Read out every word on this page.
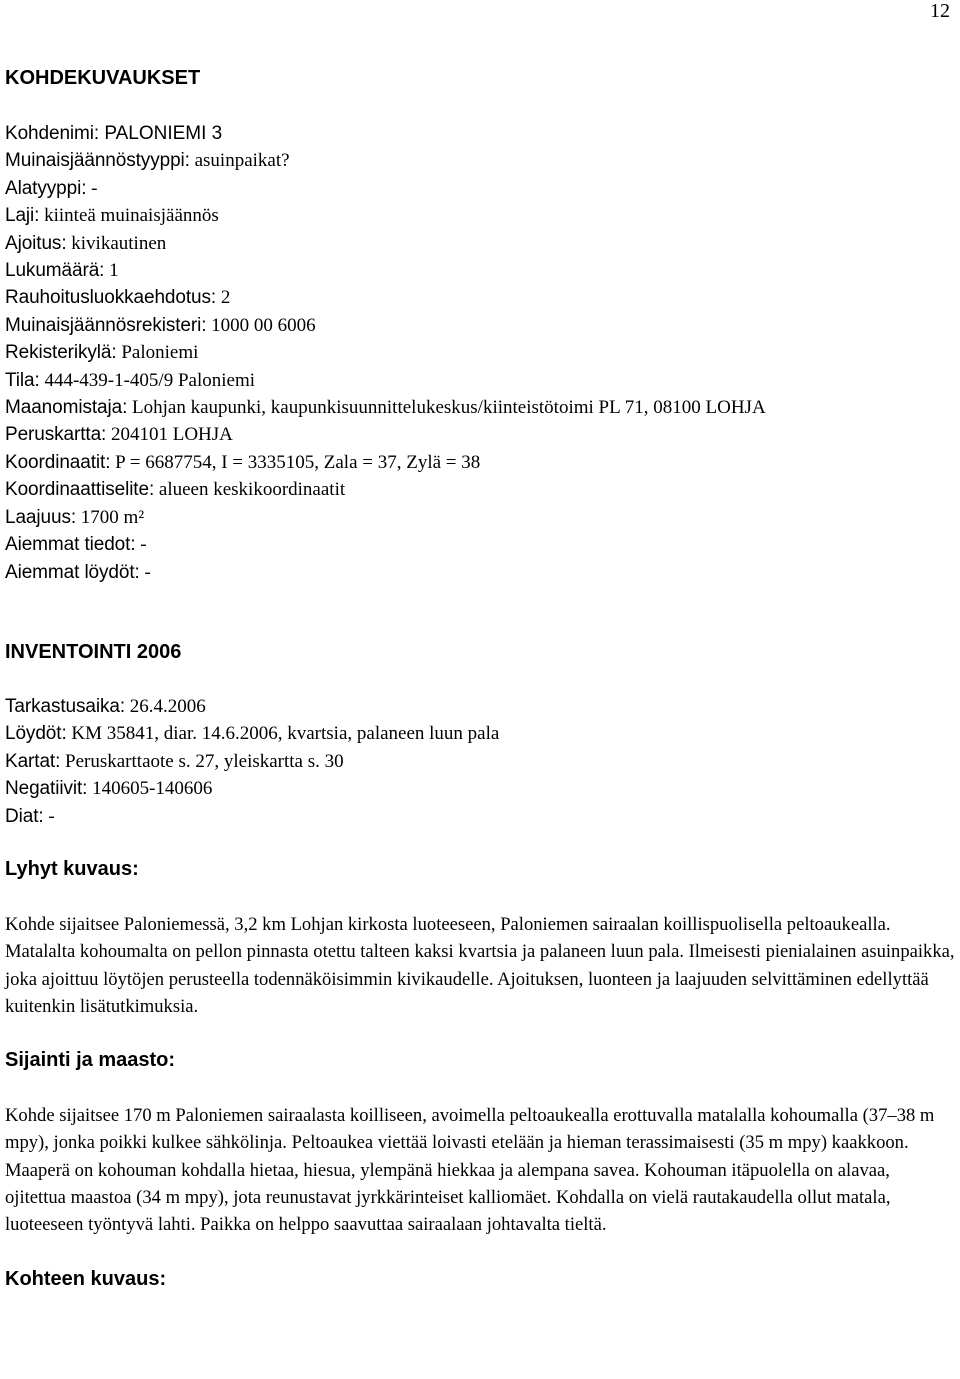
12
KOHDEKUVAUKSET
Kohdenimi: PALONIEMI 3
Muinaisjäännöstyyppi: asuinpaikat?
Alatyyppi: -
Laji: kiinteä muinaisjäännös
Ajoitus: kivikautinen
Lukumäärä: 1
Rauhoitusluokkaehdotus: 2
Muinaisjäännösrekisteri: 1000 00 6006
Rekisterikylä: Paloniemi
Tila: 444-439-1-405/9 Paloniemi
Maanomistaja: Lohjan kaupunki, kaupunkisuunnittelukeskus/kiinteistötoimi PL 71, 08100 LOHJA
Peruskartta: 204101 LOHJA
Koordinaatit: P = 6687754, I = 3335105, Zala = 37, Zylä = 38
Koordinaattiselite: alueen keskikoordinaatit
Laajuus: 1700 m²
Aiemmat tiedot: -
Aiemmat löydöt: -
INVENTOINTI 2006
Tarkastusaika: 26.4.2006
Löydöt: KM 35841, diar. 14.6.2006, kvartsia, palaneen luun pala
Kartat: Peruskarttaote s. 27, yleiskartta s. 30
Negatiivit: 140605-140606
Diat: -
Lyhyt kuvaus:

Kohde sijaitsee Paloniemessä, 3,2 km Lohjan kirkosta luoteeseen, Paloniemen sairaalan koillispuolisella peltoaukealla. Matalalta kohoumalta on pellon pinnasta otettu talteen kaksi kvartsia ja palaneen luun pala. Ilmeisesti pienialainen asuinpaikka, joka ajoittuu löytöjen perusteella todennäköisimmin kivikaudelle. Ajoituksen, luonteen ja laajuuden selvittäminen edellyttää kuitenkin lisätutkimuksia.

Sijainti ja maasto:

Kohde sijaitsee 170 m Paloniemen sairaalasta koilliseen, avoimella peltoaukealla erottuvalla matalalla kohoumalla (37–38 m mpy), jonka poikki kulkee sähkölinja. Peltoaukea viettää loivasti etelään ja hieman terassimaisesti (35 m mpy) kaakkoon. Maaperä on kohouman kohdalla hietaa, hiesua, ylempänä hiekkaa ja alempana savea. Kohouman itäpuolella on alavaa, ojitettua maastoa (34 m mpy), jota reunustavat jyrkkärinteiset kalliomäet. Kohdalla on vielä rautakaudella ollut matala, luoteeseen työntyvä lahti. Paikka on helppo saavuttaa sairaalaan johtavalta tieltä.

Kohteen kuvaus:
